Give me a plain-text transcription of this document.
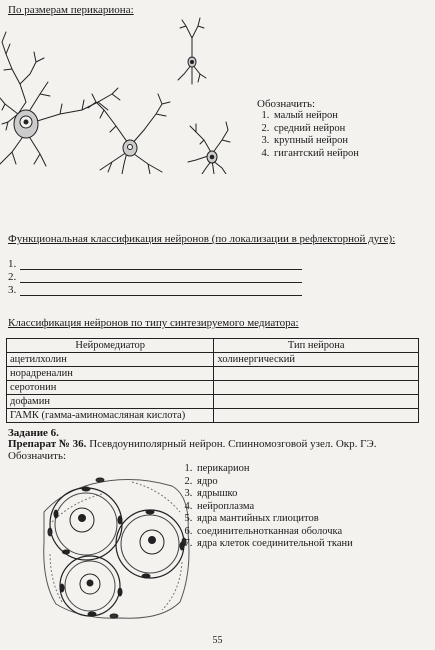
По размерам перикариона:
Обозначить:
1. малый нейрон
2. средний нейрон
3. крупный нейрон
4. гигантский нейрон
Функциональная классификация нейронов (по локализации в рефлекторной дуге):
1.
2.
3.
Классификация нейронов по типу синтезируемого медиатора:
Нейромедиатор	Тип нейрона
ацетилхолин	холинергический
норадреналин	
серотонин	
дофамин	
ГАМК (гамма-аминомасляная кислота)	
Задание 6.
Препарат № 36. Псевдоуниполярный нейрон. Спинномозговой узел. Окр. ГЭ.
Обозначить:
1. перикарион
2. ядро
3. ядрышко
4. нейроплазма
5. ядра мантийных глиоцитов
6. соединительнотканная оболочка
7. ядра клеток соединительной ткани
55
